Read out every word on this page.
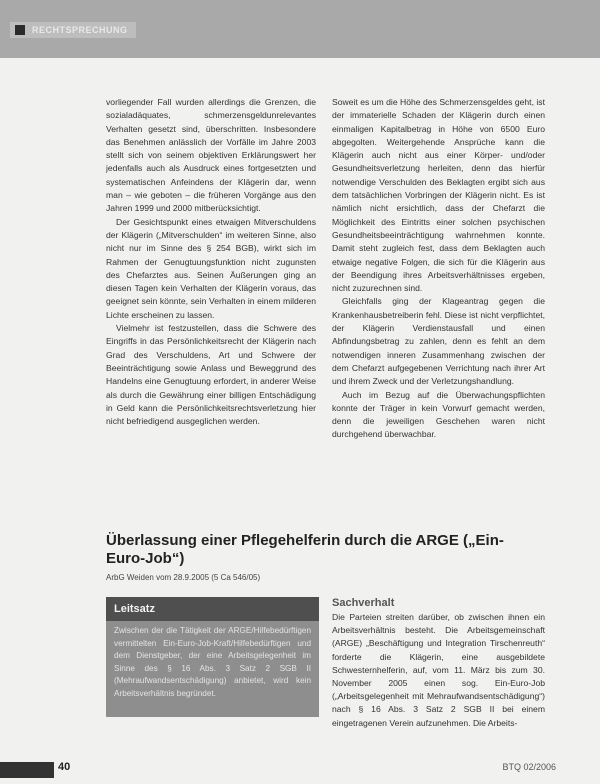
RECHTSPRECHUNG

vorliegender Fall wurden allerdings die Grenzen, die sozialadäquates, schmerzensgeldunrelevantes Verhalten gesetzt sind, überschritten. Insbesondere das Benehmen anlässlich der Vorfälle im Jahre 2003 stellt sich von seinem objektiven Erklärungswert her jedenfalls auch als Ausdruck eines fortgesetzten und systematischen Anfeindens der Klägerin dar, wenn man – wie geboten – die früheren Vorgänge aus den Jahren 1999 und 2000 mitberücksichtigt.

Der Gesichtspunkt eines etwaigen Mitverschuldens der Klägerin („Mitverschulden“ im weiteren Sinne, also nicht nur im Sinne des § 254 BGB), wirkt sich im Rahmen der Genugtuungsfunktion nicht zugunsten des Chefarztes aus. Seinen Äußerungen ging an diesen Tagen kein Verhalten der Klägerin voraus, das geeignet sein könnte, sein Verhalten in einem milderen Lichte erscheinen zu lassen.

Vielmehr ist festzustellen, dass die Schwere des Eingriffs in das Persönlichkeitsrecht der Klägerin nach Grad des Verschuldens, Art und Schwere der Beeinträchtigung sowie Anlass und Beweggrund des Handelns eine Genugtuung erfordert, in anderer Weise als durch die Gewährung einer billigen Entschädigung in Geld kann die Persönlichkeitsrechtsverletzung hier nicht befriedigend ausgeglichen werden.

Soweit es um die Höhe des Schmerzensgeldes geht, ist der immaterielle Schaden der Klägerin durch einen einmaligen Kapitalbetrag in Höhe von 6500 Euro abgegolten. Weitergehende Ansprüche kann die Klägerin auch nicht aus einer Körper- und/oder Gesundheitsverletzung herleiten, denn das hierfür notwendige Verschulden des Beklagten ergibt sich aus dem tatsächlichen Vorbringen der Klägerin nicht. Es ist nämlich nicht ersichtlich, dass der Chefarzt die Möglichkeit des Eintritts einer solchen psychischen Gesundheitsbeeinträchtigung wahrnehmen konnte. Damit steht zugleich fest, dass dem Beklagten auch etwaige negative Folgen, die sich für die Klägerin aus der Beendigung ihres Arbeitsverhältnisses ergeben, nicht zuzurechnen sind.

Gleichfalls ging der Klageantrag gegen die Krankenhausbetreiberin fehl. Diese ist nicht verpflichtet, der Klägerin Verdienstausfall und einen Abfindungsbetrag zu zahlen, denn es fehlt an dem notwendigen inneren Zusammenhang zwischen der dem Chefarzt aufgegebenen Verrichtung nach ihrer Art und ihrem Zweck und der Verletzungshandlung.

Auch im Bezug auf die Überwachungspflichten konnte der Träger in kein Vorwurf gemacht werden, denn die jeweiligen Geschehen waren nicht durchgehend überwachbar.

Überlassung einer Pflegehelferin durch die ARGE („Ein-Euro-Job“)
ArbG Weiden vom 28.9.2005 (5 Ca 546/05)
Leitsatz
Zwischen der die Tätigkeit der ARGE/Hilfebedürftigen vermittelten Ein-Euro-Job-Kraft/Hilfebedürftigen und dem Dienstgeber, der eine Arbeitsgelegenheit im Sinne des § 16 Abs. 3 Satz 2 SGB II (Mehraufwandsentschädigung) anbietet, wird kein Arbeitsverhältnis begründet.
Sachverhalt
Die Parteien streiten darüber, ob zwischen ihnen ein Arbeitsverhältnis besteht. Die Arbeitsgemeinschaft (ARGE) „Beschäftigung und Integration Tirschenreuth“ forderte die Klägerin, eine ausgebildete Schwesternhelferin, auf, vom 11. März bis zum 30. November 2005 einen sog. Ein-Euro-Job („Arbeitsgelegenheit mit Mehraufwandsentschädigung“) nach § 16 Abs. 3 Satz 2 SGB II bei einem eingetragenen Verein aufzunehmen. Die Arbeits-
40	BTQ 02/2006
